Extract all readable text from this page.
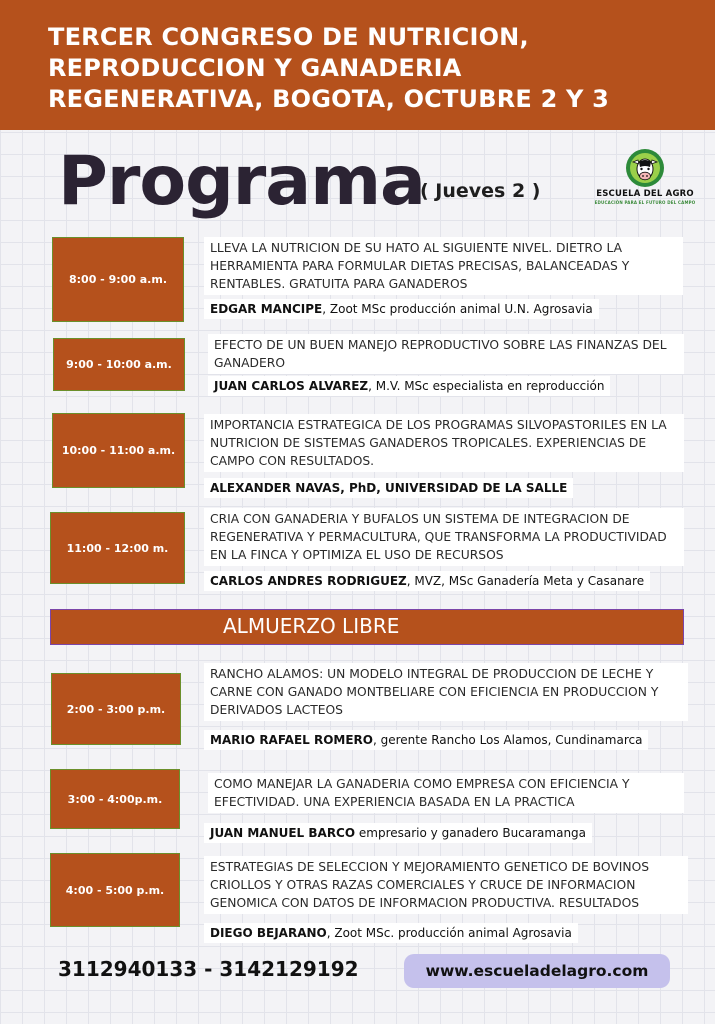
TERCER CONGRESO DE NUTRICION,
REPRODUCCION Y GANADERIA
REGENERATIVA, BOGOTA, OCTUBRE 2 Y 3
Programa
( Jueves 2 )	ESCUELA DEL AGRO
EDUCACIÓN PARA EL FUTURO DEL CAMPO
8:00 - 9:00 a.m.

LLEVA LA NUTRICION DE SU HATO AL SIGUIENTE NIVEL. DIETRO LA HERRAMIENTA PARA FORMULAR DIETAS PRECISAS, BALANCEADAS Y RENTABLES. GRATUITA PARA GANADEROS

EDGAR MANCIPE, Zoot MSc producción animal U.N. Agrosavia
9:00 - 10:00 a.m.

EFECTO DE UN BUEN MANEJO REPRODUCTIVO SOBRE LAS FINANZAS DEL GANADERO

JUAN CARLOS ALVAREZ, M.V. MSc especialista en reproducción
10:00 - 11:00 a.m.

IMPORTANCIA ESTRATEGICA DE LOS PROGRAMAS SILVOPASTORILES EN LA NUTRICION DE SISTEMAS GANADEROS TROPICALES. EXPERIENCIAS DE CAMPO CON RESULTADOS.

ALEXANDER NAVAS, PhD, UNIVERSIDAD DE LA SALLE
11:00 - 12:00 m.

CRIA CON GANADERIA Y BUFALOS UN SISTEMA DE INTEGRACION DE REGENERATIVA Y PERMACULTURA, QUE TRANSFORMA LA PRODUCTIVIDAD EN LA FINCA Y OPTIMIZA EL USO DE RECURSOS

CARLOS ANDRES RODRIGUEZ, MVZ, MSc Ganadería Meta y Casanare
ALMUERZO LIBRE
2:00 - 3:00 p.m.

RANCHO ALAMOS: UN MODELO INTEGRAL DE PRODUCCION DE LECHE Y CARNE CON GANADO MONTBELIARE CON EFICIENCIA EN PRODUCCION Y DERIVADOS LACTEOS

MARIO RAFAEL ROMERO, gerente Rancho Los Alamos, Cundinamarca
3:00 - 4:00p.m.

COMO MANEJAR LA GANADERIA COMO EMPRESA CON EFICIENCIA Y EFECTIVIDAD. UNA EXPERIENCIA BASADA EN LA PRACTICA

JUAN MANUEL BARCO empresario y ganadero Bucaramanga
4:00 - 5:00 p.m.

ESTRATEGIAS DE SELECCION Y MEJORAMIENTO GENETICO DE BOVINOS CRIOLLOS Y OTRAS RAZAS COMERCIALES Y CRUCE DE INFORMACION GENOMICA CON DATOS DE INFORMACION PRODUCTIVA. RESULTADOS

DIEGO BEJARANO, Zoot MSc. producción animal Agrosavia
3112940133 - 3142129192	www.escueladelagro.com
